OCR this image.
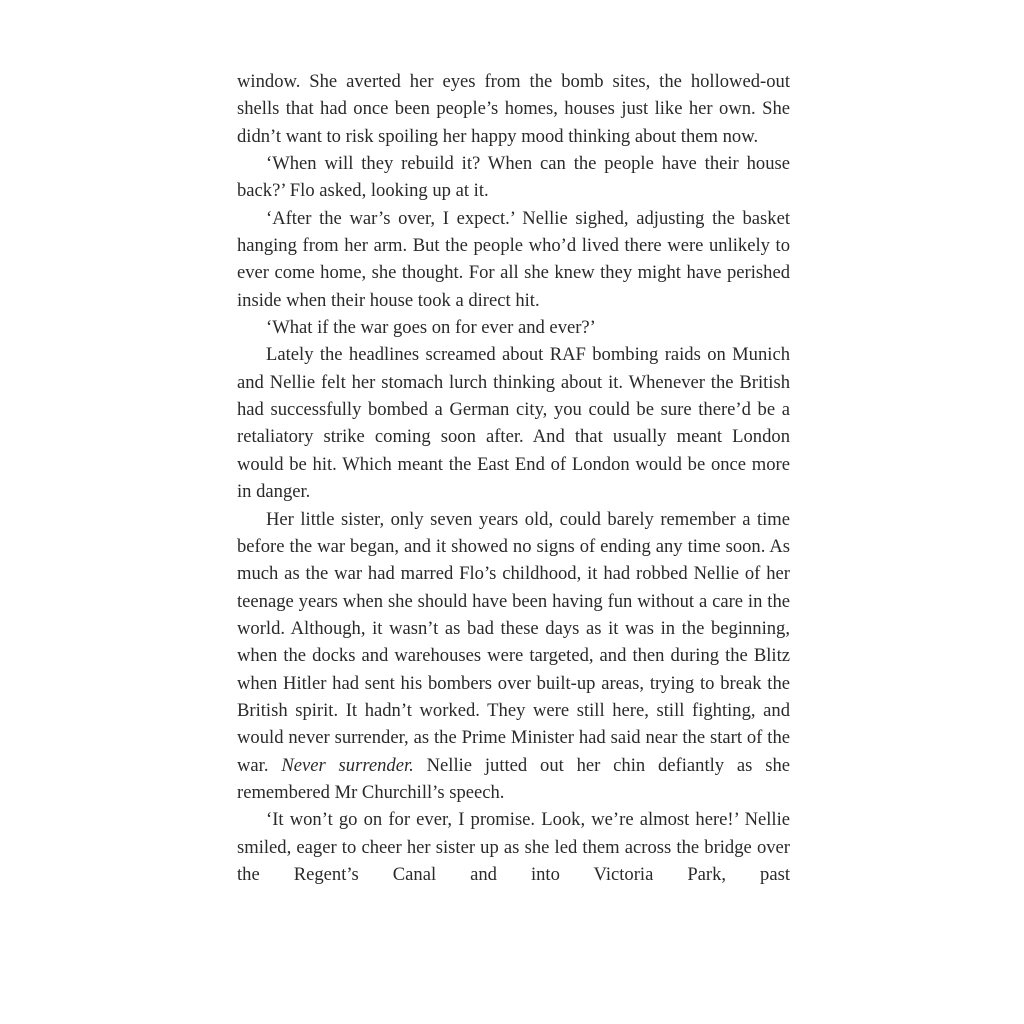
window. She averted her eyes from the bomb sites, the hollowed-out shells that had once been people’s homes, houses just like her own. She didn’t want to risk spoiling her happy mood thinking about them now.

‘When will they rebuild it? When can the people have their house back?’ Flo asked, looking up at it.

‘After the war’s over, I expect.’ Nellie sighed, adjusting the basket hanging from her arm. But the people who’d lived there were unlikely to ever come home, she thought. For all she knew they might have perished inside when their house took a direct hit.

‘What if the war goes on for ever and ever?’

Lately the headlines screamed about RAF bombing raids on Munich and Nellie felt her stomach lurch thinking about it. Whenever the British had successfully bombed a German city, you could be sure there’d be a retaliatory strike coming soon after. And that usually meant London would be hit. Which meant the East End of London would be once more in danger.

Her little sister, only seven years old, could barely remember a time before the war began, and it showed no signs of ending any time soon. As much as the war had marred Flo’s childhood, it had robbed Nellie of her teenage years when she should have been having fun without a care in the world. Although, it wasn’t as bad these days as it was in the beginning, when the docks and warehouses were targeted, and then during the Blitz when Hitler had sent his bombers over built-up areas, trying to break the British spirit. It hadn’t worked. They were still here, still fighting, and would never surrender, as the Prime Minister had said near the start of the war. Never surrender. Nellie jutted out her chin defiantly as she remembered Mr Churchill’s speech.

‘It won’t go on for ever, I promise. Look, we’re almost here!’ Nellie smiled, eager to cheer her sister up as she led them across the bridge over the Regent’s Canal and into Victoria Park, past
